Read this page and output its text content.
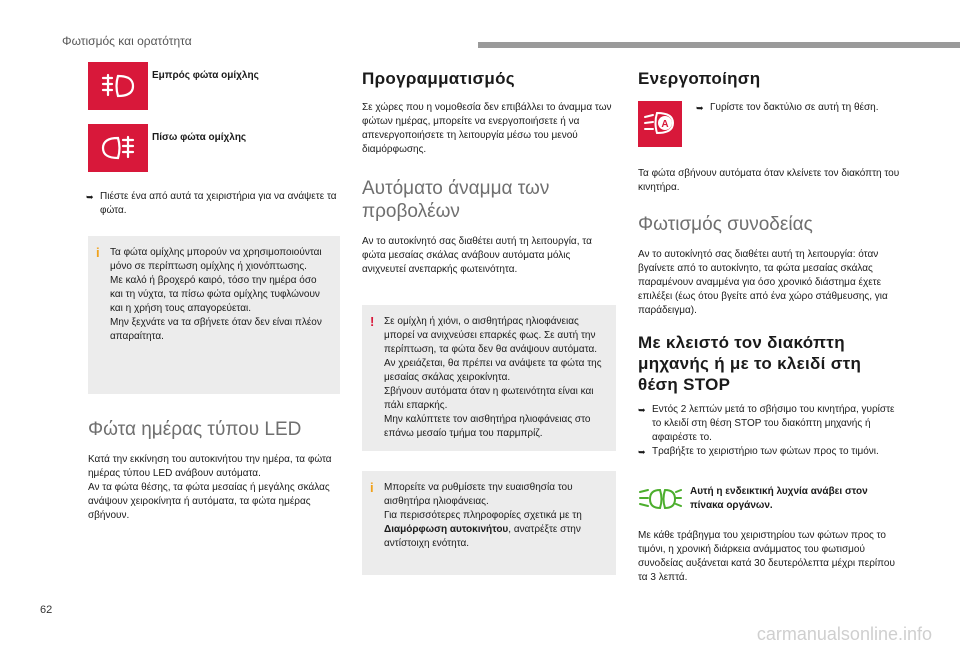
Φωτισμός και ορατότητα
Εμπρός φώτα ομίχλης
Πίσω φώτα ομίχλης
➥ Πιέστε ένα από αυτά τα χειριστήρια για να ανάψετε τα φώτα.
i Τα φώτα ομίχλης μπορούν να χρησιμοποιούνται μόνο σε περίπτωση ομίχλης ή χιονόπτωσης.

Με καλό ή βροχερό καιρό, τόσο την ημέρα όσο και τη νύχτα, τα πίσω φώτα ομίχλης τυφλώνουν και η χρήση τους απαγορεύεται.

Μην ξεχνάτε να τα σβήνετε όταν δεν είναι πλέον απαραίτητα.

Φώτα ημέρας τύπου LED

Κατά την εκκίνηση του αυτοκινήτου την ημέρα, τα φώτα ημέρας τύπου LED ανάβουν αυτόματα.

Αν τα φώτα θέσης, τα φώτα μεσαίας ή μεγάλης σκάλας ανάψουν χειροκίνητα ή αυτόματα, τα φώτα ημέρας σβήνουν.

Προγραμματισμός

Σε χώρες που η νομοθεσία δεν επιβάλλει το άναμμα των φώτων ημέρας, μπορείτε να ενεργοποιήσετε ή να απενεργοποιήσετε τη λειτουργία μέσω του μενού διαμόρφωσης.

Αυτόματο άναμμα των προβολέων

Αν το αυτοκίνητό σας διαθέτει αυτή τη λειτουργία, τα φώτα μεσαίας σκάλας ανάβουν αυτόματα μόλις ανιχνευτεί ανεπαρκής φωτεινότητα.

! Σε ομίχλη ή χιόνι, ο αισθητήρας ηλιοφάνειας μπορεί να ανιχνεύσει επαρκές φως. Σε αυτή την περίπτωση, τα φώτα δεν θα ανάψουν αυτόματα.

Αν χρειάζεται, θα πρέπει να ανάψετε τα φώτα της μεσαίας σκάλας χειροκίνητα.

Σβήνουν αυτόματα όταν η φωτεινότητα είναι και πάλι επαρκής.

Μην καλύπτετε τον αισθητήρα ηλιοφάνειας στο επάνω μεσαίο τμήμα του παρμπρίζ.

i Μπορείτε να ρυθμίσετε την ευαισθησία του αισθητήρα ηλιοφάνειας.

Για περισσότερες πληροφορίες σχετικά με τη Διαμόρφωση αυτοκινήτου, ανατρέξτε στην αντίστοιχη ενότητα.

Ενεργοποίηση
A
➥ Γυρίστε τον δακτύλιο σε αυτή τη θέση.

Τα φώτα σβήνουν αυτόματα όταν κλείνετε τον διακόπτη του κινητήρα.

Φωτισμός συνοδείας

Αν το αυτοκίνητό σας διαθέτει αυτή τη λειτουργία: όταν βγαίνετε από το αυτοκίνητο, τα φώτα μεσαίας σκάλας παραμένουν αναμμένα για όσο χρονικό διάστημα έχετε επιλέξει (έως ότου βγείτε από ένα χώρο στάθμευσης, για παράδειγμα).

Με κλειστό τον διακόπτη μηχανής ή με το κλειδί στη θέση STOP
➥ Εντός 2 λεπτών μετά το σβήσιμο του κινητήρα, γυρίστε το κλειδί στη θέση STOP του διακόπτη μηχανής ή αφαιρέστε το.
➥ Τραβήξτε το χειριστήριο των φώτων προς το τιμόνι.
Αυτή η ενδεικτική λυχνία ανάβει στον πίνακα οργάνων.

Με κάθε τράβηγμα του χειριστηρίου των φώτων προς το τιμόνι, η χρονική διάρκεια ανάμματος του φωτισμού συνοδείας αυξάνεται κατά 30 δευτερόλεπτα μέχρι περίπου τα 3 λεπτά.

62
carmanualsonline.info
